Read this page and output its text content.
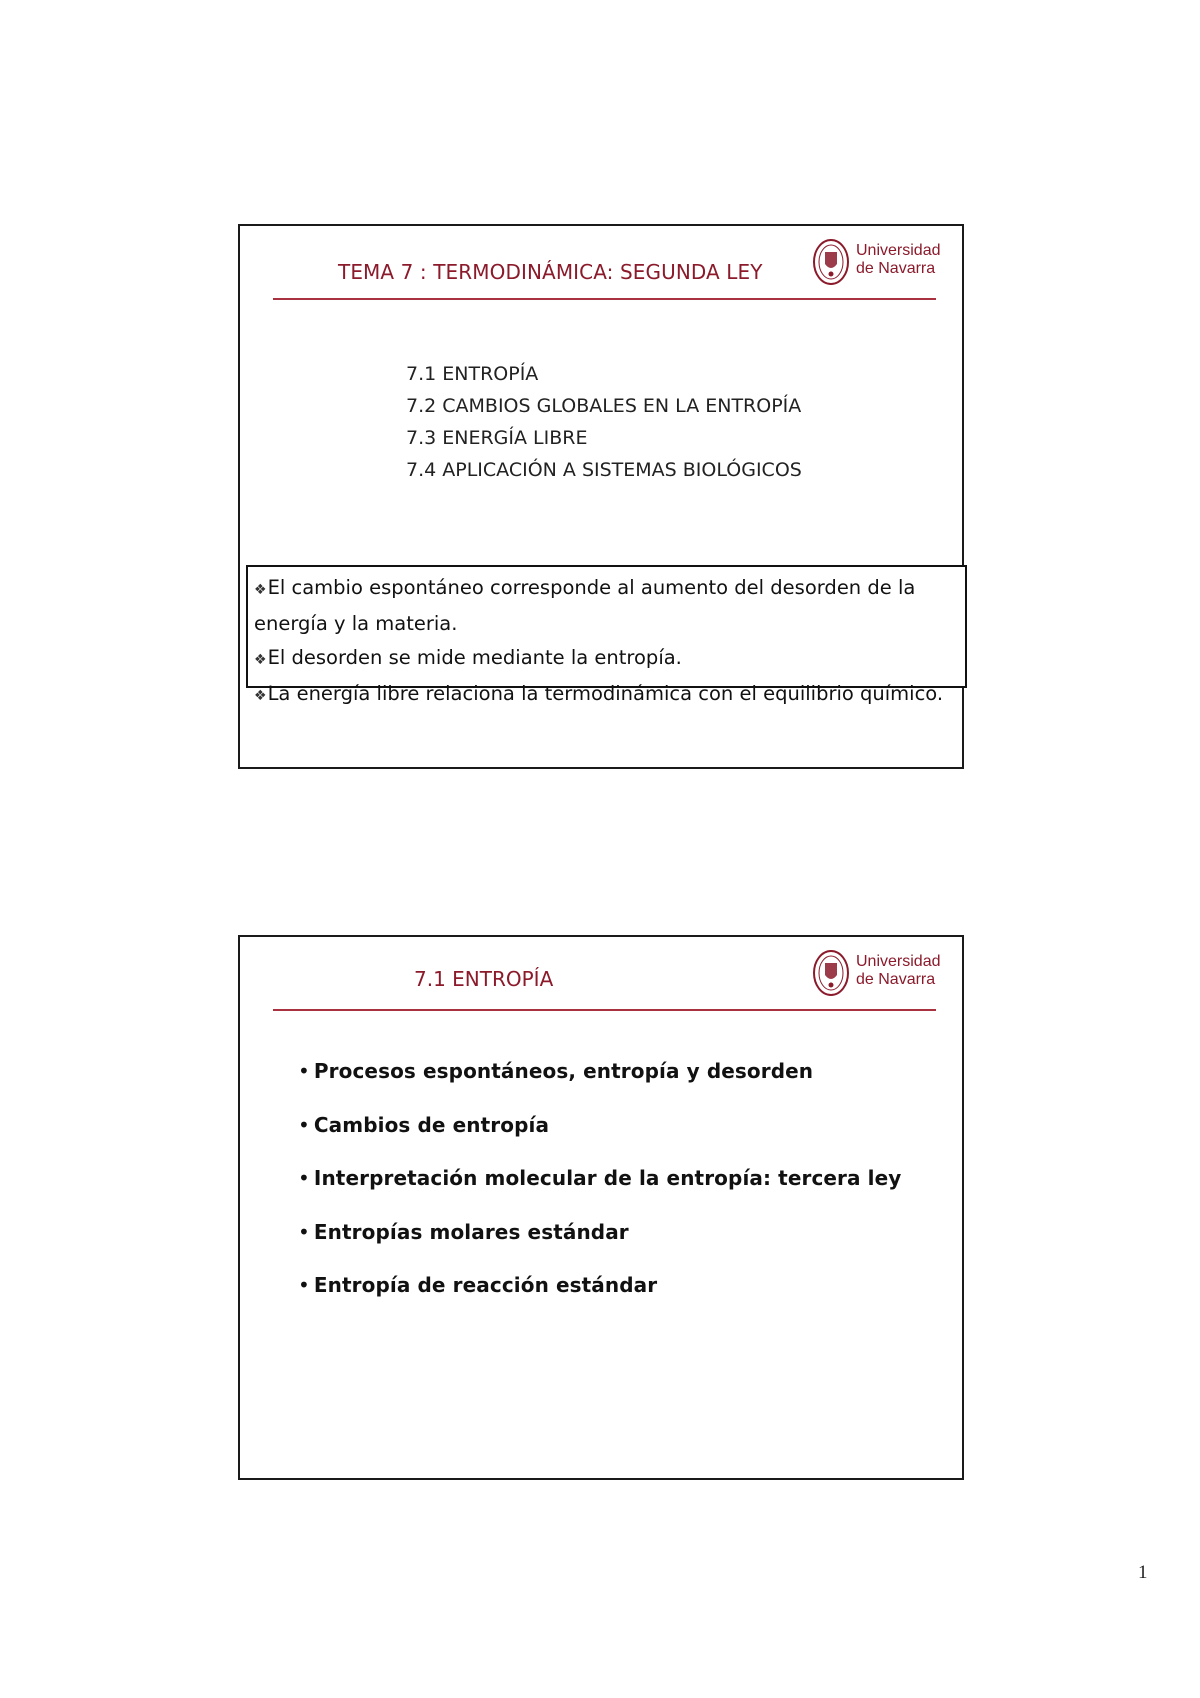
TEMA 7 : TERMODINÁMICA: SEGUNDA LEY
Universidad
de Navarra
7.1 ENTROPÍA
7.2 CAMBIOS GLOBALES EN LA ENTROPÍA
7.3 ENERGÍA LIBRE
7.4 APLICACIÓN A SISTEMAS BIOLÓGICOS

❖El cambio espontáneo corresponde al aumento del desorden de la

energía y la materia.

❖El desorden se mide mediante la entropía.

❖La energía libre relaciona la termodinámica con el equilibrio químico.

7.1 ENTROPÍA
Universidad
de Navarra
• Procesos espontáneos, entropía y desorden
• Cambios de entropía
• Interpretación molecular de la entropía: tercera ley
• Entropías molares estándar
• Entropía de reacción estándar
1
